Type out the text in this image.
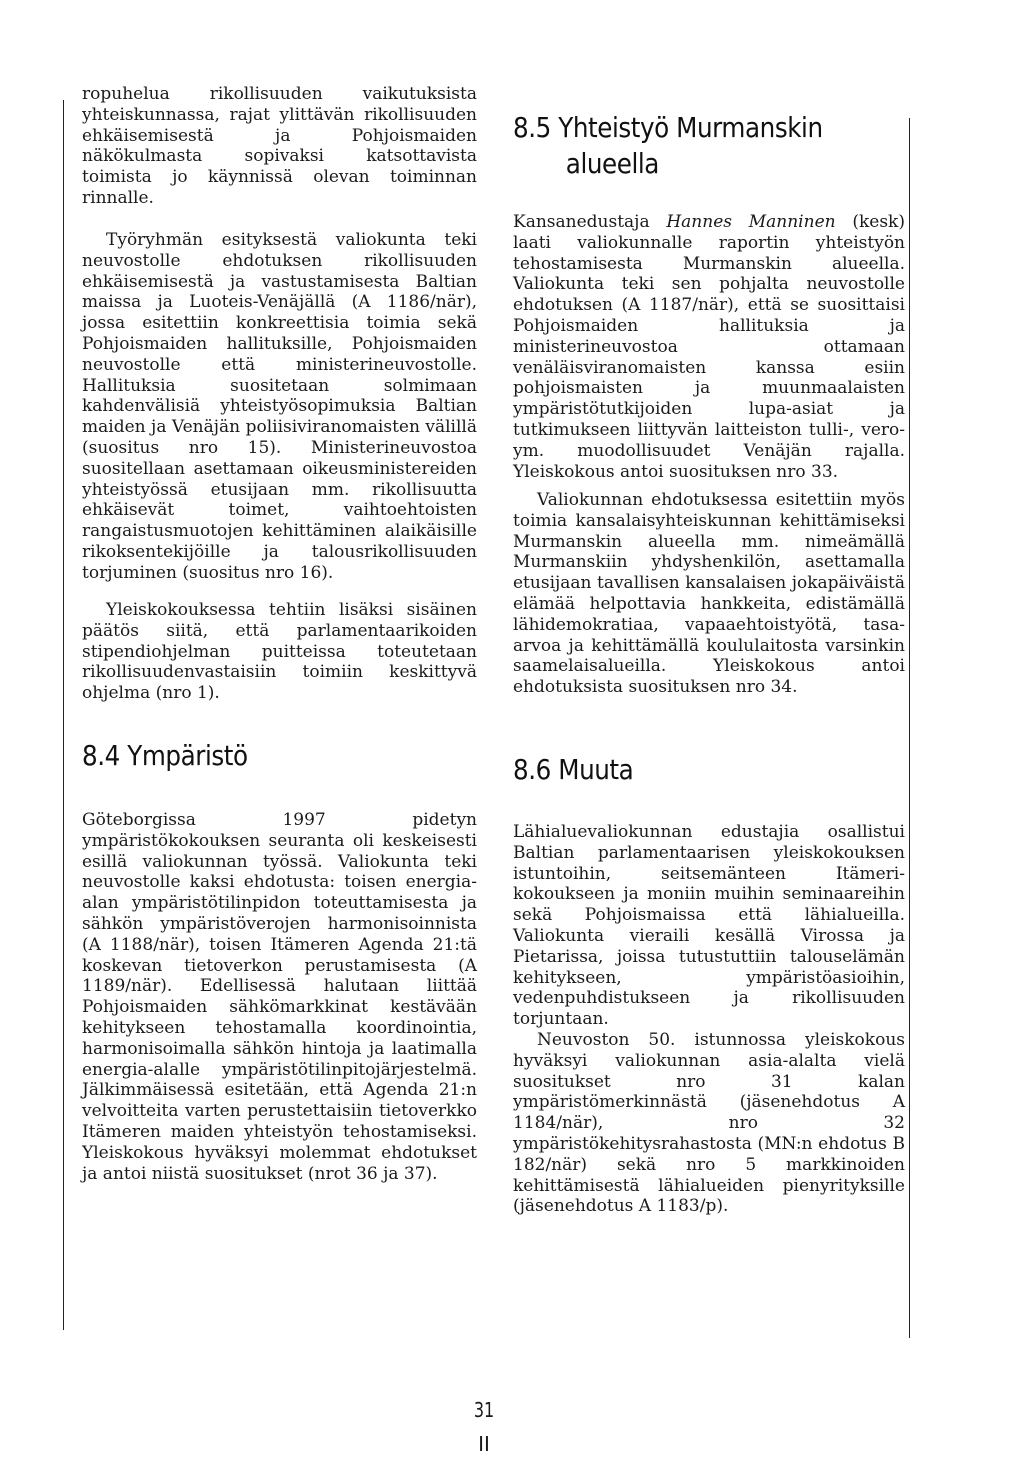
ropuhelua rikollisuuden vaikutuksista yhteiskunnassa, rajat ylittävän rikollisuuden ehkäisemisestä ja Pohjoismaiden näkökulmasta sopivaksi katsottavista toimista jo käynnissä olevan toiminnan rinnalle.

Työryhmän esityksestä valiokunta teki neuvostolle ehdotuksen rikollisuuden ehkäisemisestä ja vastustamisesta Baltian maissa ja Luoteis-Venäjällä (A 1186/när), jossa esitettiin konkreettisia toimia sekä Pohjoismaiden hallituksille, Pohjoismaiden neuvostolle että ministerineuvostolle. Hallituksia suositetaan solmimaan kahdenvälisiä yhteistyösopimuksia Baltian maiden ja Venäjän poliisiviranomaisten välillä (suositus nro 15). Ministerineuvostoa suositellaan asettamaan oikeusministereiden yhteistyössä etusijaan mm. rikollisuutta ehkäisevät toimet, vaihtoehtoisten rangaistusmuotojen kehittäminen alaikäisille rikoksentekijöille ja talousrikollisuuden torjuminen (suositus nro 16).

Yleiskokouksessa tehtiin lisäksi sisäinen päätös siitä, että parlamentaarikoiden stipendiohjelman puitteissa toteutetaan rikollisuudenvastaisiin toimiin keskittyvä ohjelma (nro 1).

8.4 Ympäristö

Göteborgissa 1997 pidetyn ympäristökokouksen seuranta oli keskeisesti esillä valiokunnan työssä. Valiokunta teki neuvostolle kaksi ehdotusta: toisen energia-alan ympäristötilinpidon toteuttamisesta ja sähkön ympäristöverojen harmonisoinnista (A 1188/när), toisen Itämeren Agenda 21:tä koskevan tietoverkon perustamisesta (A 1189/när). Edellisessä halutaan liittää Pohjoismaiden sähkömarkkinat kestävään kehitykseen tehostamalla koordinointia, harmonisoimalla sähkön hintoja ja laatimalla energia-alalle ympäristötilinpitojärjestelmä. Jälkimmäisessä esitetään, että Agenda 21:n velvoitteita varten perustettaisiin tietoverkko Itämeren maiden yhteistyön tehostamiseksi. Yleiskokous hyväksyi molemmat ehdotukset ja antoi niistä suositukset (nrot 36 ja 37).

8.5 Yhteistyö Murmanskin
alueella

Kansanedustaja Hannes Manninen (kesk) laati valiokunnalle raportin yhteistyön tehostamisesta Murmanskin alueella. Valiokunta teki sen pohjalta neuvostolle ehdotuksen (A 1187/när), että se suosittaisi Pohjoismaiden hallituksia ja ministerineuvostoa ottamaan venäläisviranomaisten kanssa esiin pohjoismaisten ja muunmaalaisten ympäristötutkijoiden lupa-asiat ja tutkimukseen liittyvän laitteiston tulli-, vero- ym. muodollisuudet Venäjän rajalla. Yleiskokous antoi suosituksen nro 33.

Valiokunnan ehdotuksessa esitettiin myös toimia kansalaisyhteiskunnan kehittämiseksi Murmanskin alueella mm. nimeämällä Murmanskiin yhdyshenkilön, asettamalla etusijaan tavallisen kansalaisen jokapäiväistä elämää helpottavia hankkeita, edistämällä lähidemokratiaa, vapaaehtoistyötä, tasa-arvoa ja kehittämällä koululaitosta varsinkin saamelaisalueilla. Yleiskokous antoi ehdotuksista suosituksen nro 34.

8.6 Muuta

Lähialuevaliokunnan edustajia osallistui Baltian parlamentaarisen yleiskokouksen istuntoihin, seitsemänteen Itämeri-kokoukseen ja moniin muihin seminaareihin sekä Pohjoismaissa että lähialueilla. Valiokunta vieraili kesällä Virossa ja Pietarissa, joissa tutustuttiin talouselämän kehitykseen, ympäristöasioihin, vedenpuhdistukseen ja rikollisuuden torjuntaan.

Neuvoston 50. istunnossa yleiskokous hyväksyi valiokunnan asia-alalta vielä suositukset nro 31 kalan ympäristömerkinnästä (jäsenehdotus A 1184/när), nro 32 ympäristökehitysrahastosta (MN:n ehdotus B 182/när) sekä nro 5 markkinoiden kehittämisestä lähialueiden pienyrityksille (jäsenehdotus A 1183/p).

31
II
